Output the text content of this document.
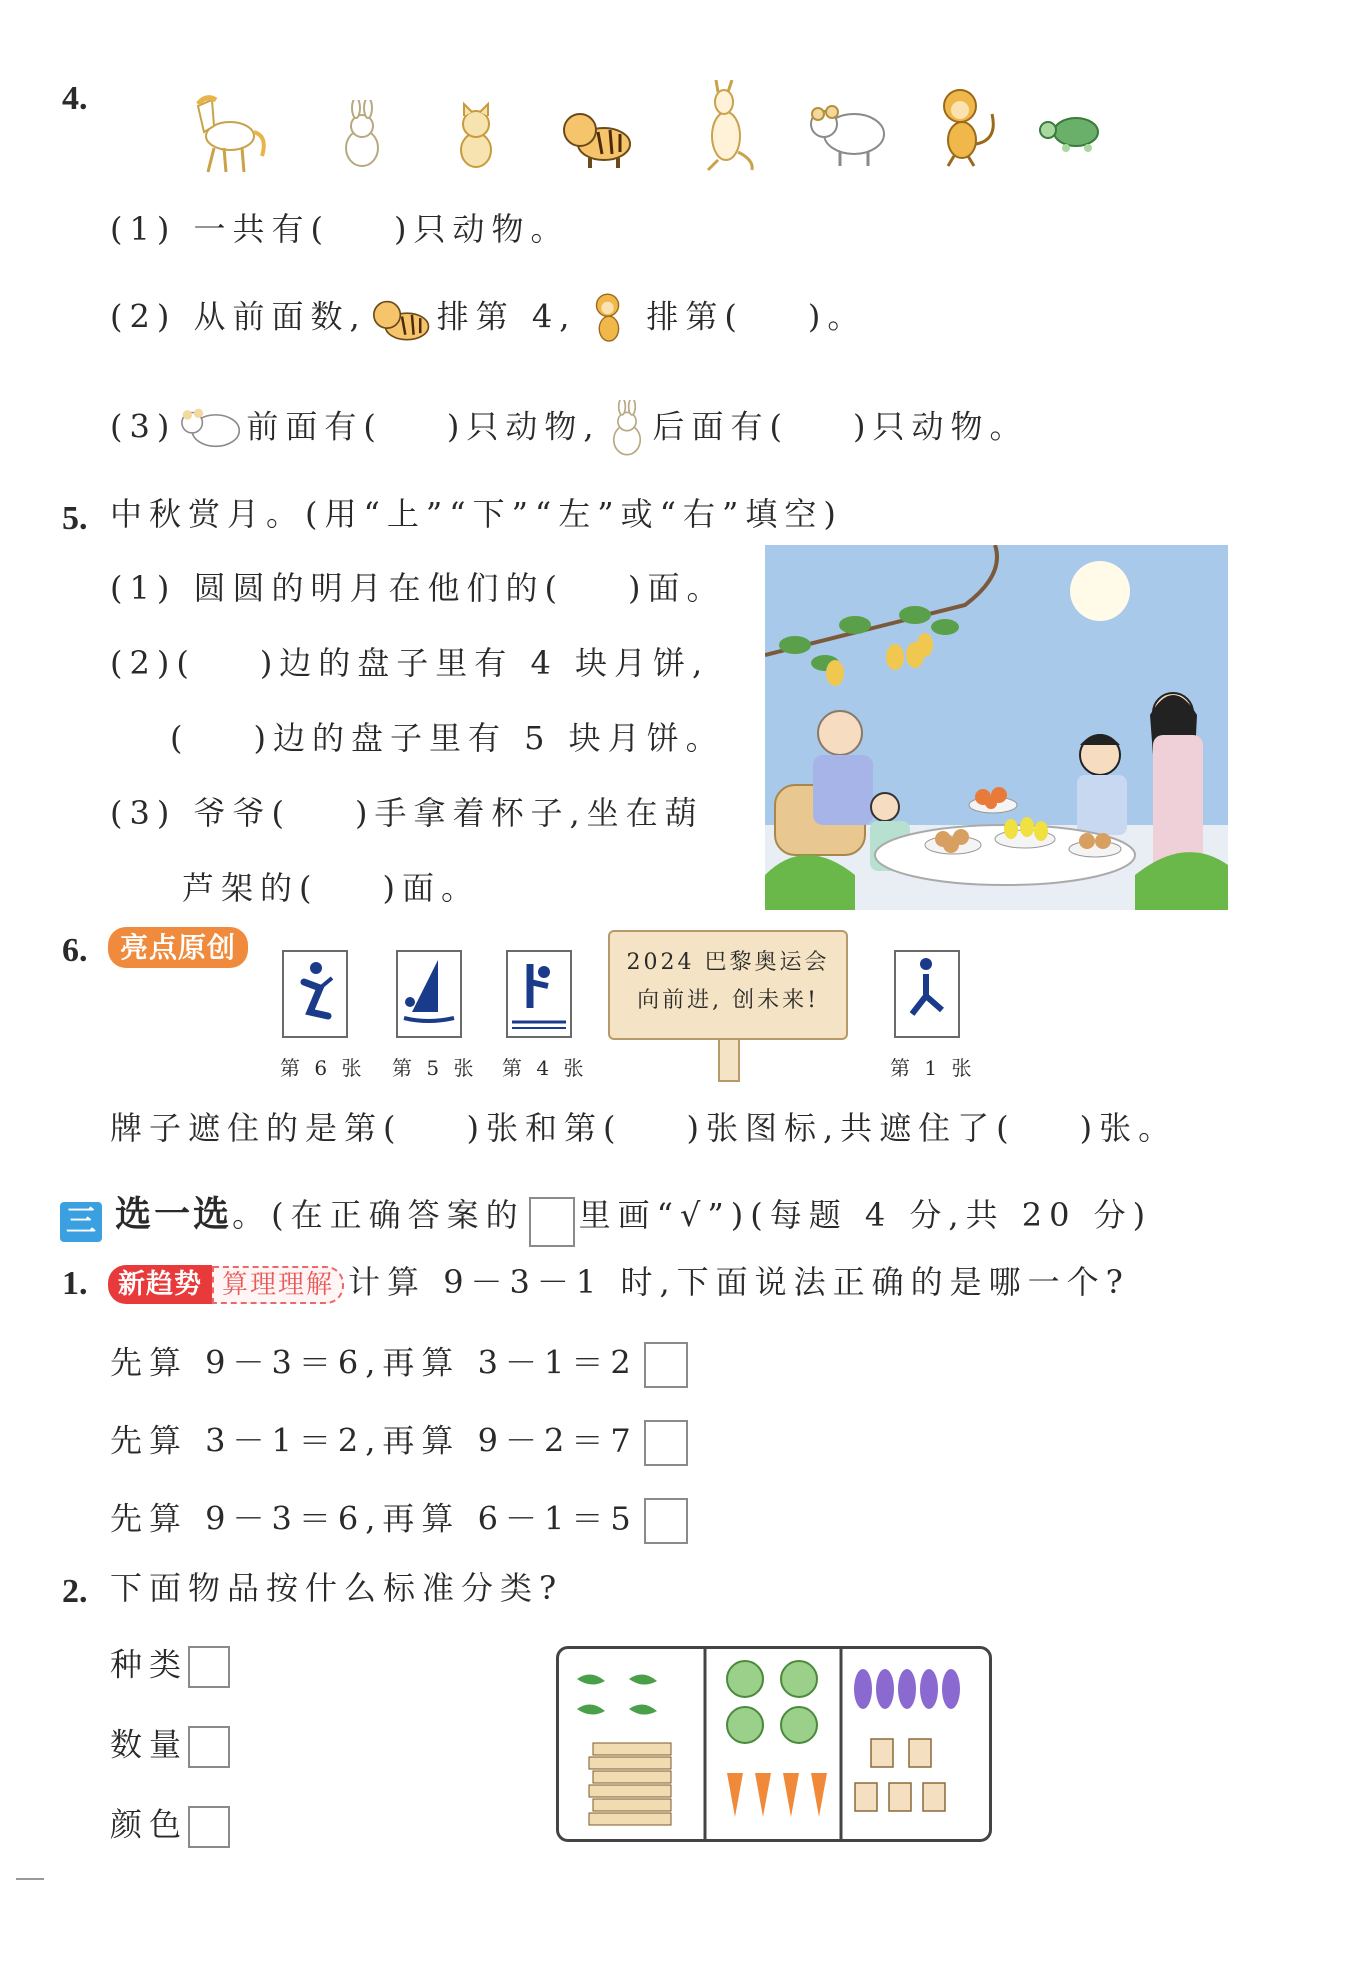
4.
(1) 一共有( )只动物。
(2) 从前面数, 排第 4, 排第( )。
(3) 前面有( )只动物, 后面有( )只动物。
5. 中秋赏月。(用“上”“下”“左”或“右”填空)
(1) 圆圆的明月在他们的( )面。
(2)( )边的盘子里有 4 块月饼,
( )边的盘子里有 5 块月饼。
(3) 爷爷( )手拿着杯子,坐在葫
芦架的( )面。
6.	亮点原创
第 6 张 第 5 张 第 4 张	第 1 张
2024 巴黎奥运会
向前进, 创未来!
牌子遮住的是第( )张和第( )张图标,共遮住了( )张。
三 选一选。(在正确答案的 里画“√”)(每题 4 分,共 20 分)
1.	新趋势 算理理解 计算 9－3－1 时,下面说法正确的是哪一个?
先算 9－3＝6,再算 3－1＝2
先算 3－1＝2,再算 9－2＝7
先算 9－3＝6,再算 6－1＝5
2. 下面物品按什么标准分类?
种类
数量
颜色
